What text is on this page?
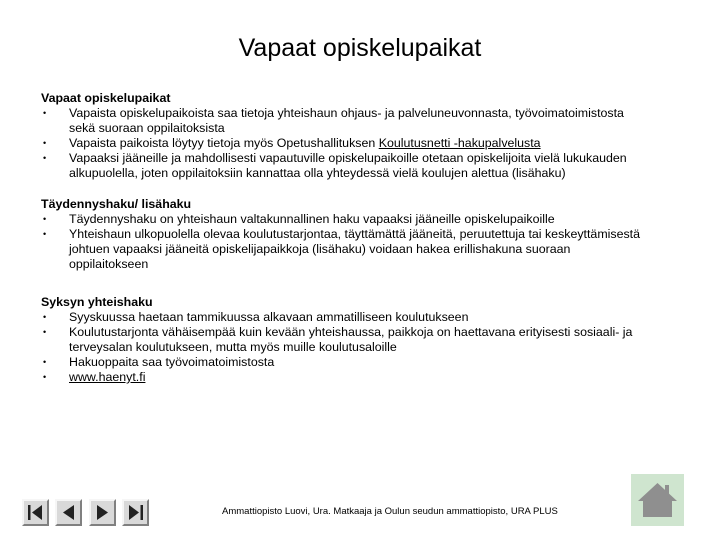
Vapaat opiskelupaikat
Vapaat opiskelupaikat
• Vapaista opiskelupaikoista saa tietoja yhteishaun ohjaus- ja palveluneuvonnasta, työvoimatoimistosta sekä suoraan oppilaitoksista
• Vapaista paikoista löytyy tietoja myös Opetushallituksen Koulutusnetti -hakupalvelusta
• Vapaaksi jääneille ja mahdollisesti vapautuville opiskelupaikoille otetaan opiskelijoita vielä lukukauden alkupuolella, joten oppilaitoksiin kannattaa olla yhteydessä vielä koulujen alettua (lisähaku)
Täydennyshaku/ lisähaku
• Täydennyshaku on yhteishaun valtakunnallinen haku vapaaksi jääneille opiskelupaikoille
• Yhteishaun ulkopuolella olevaa koulutustarjontaa, täyttämättä jääneitä, peruutettuja tai keskeyttämisestä johtuen vapaaksi jääneitä opiskelijapaikkoja (lisähaku) voidaan hakea erillishakuna suoraan oppilaitokseen
Syksyn yhteishaku
• Syyskuussa haetaan tammikuussa alkavaan ammatilliseen koulutukseen
• Koulutustarjonta vähäisempää kuin kevään yhteishaussa, paikkoja on haettavana erityisesti sosiaali- ja terveysalan koulutukseen, mutta myös muille koulutusaloille
• Hakuoppaita saa työvoimatoimistosta
• www.haenyt.fi
Ammattiopisto Luovi, Ura. Matkaaja ja Oulun seudun ammattiopisto, URA PLUS
